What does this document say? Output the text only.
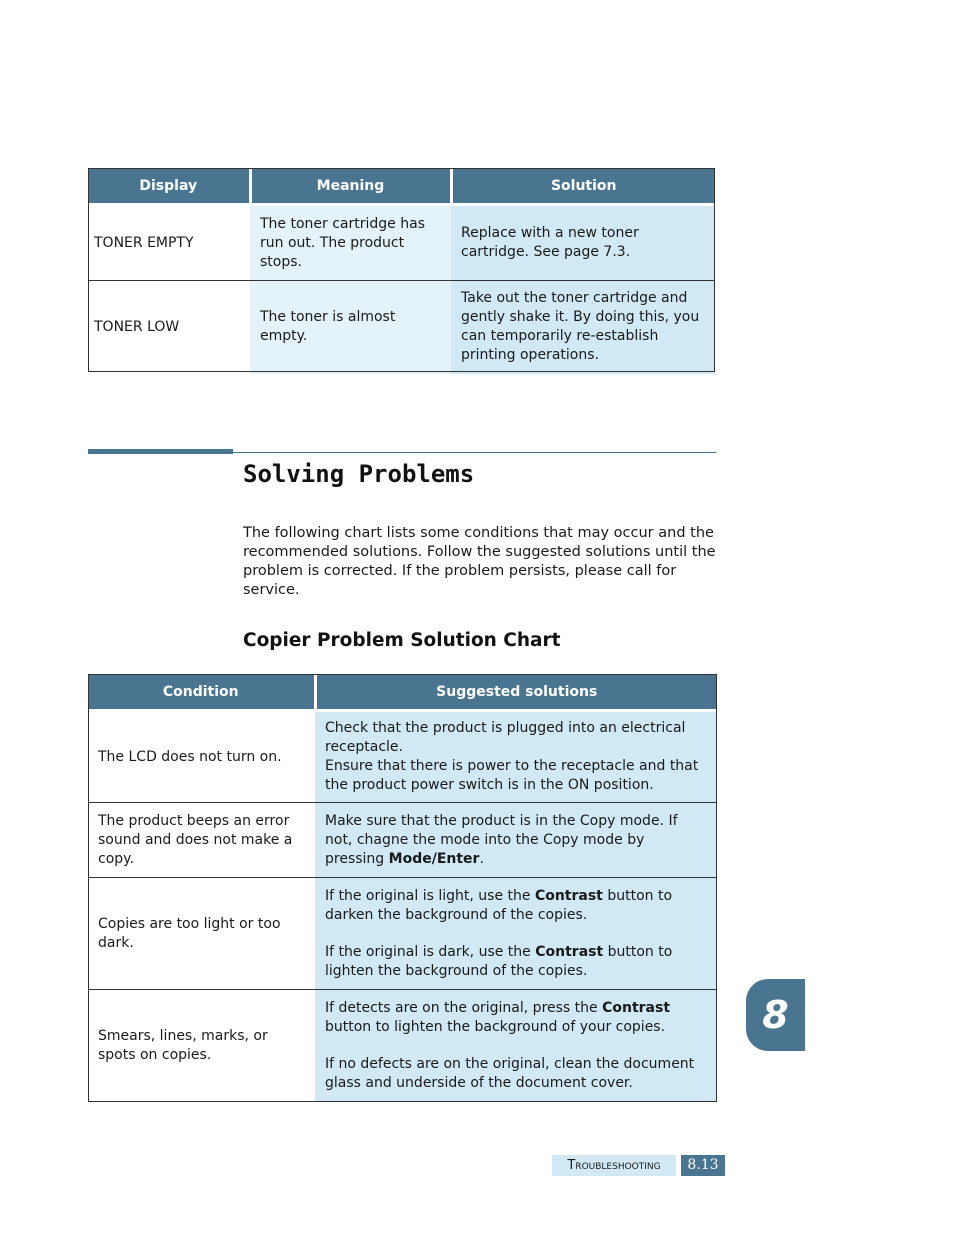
Display	Meaning	Solution
TONER EMPTY	The toner cartridge has run out. The product stops.	Replace with a new toner cartridge. See page 7.3.
TONER LOW	The toner is almost empty.	Take out the toner cartridge and gently shake it. By doing this, you can temporarily re-establish printing operations.
Solving Problems
The following chart lists some conditions that may occur and the recommended solutions. Follow the suggested solutions until the problem is corrected. If the problem persists, please call for service.
Copier Problem Solution Chart
Condition	Suggested solutions
The LCD does not turn on.	Check that the product is plugged into an electrical receptacle.
Ensure that there is power to the receptacle and that the product power switch is in the ON position.

The product beeps an error sound and does not make a copy.	Make sure that the product is in the Copy mode. If not, chagne the mode into the Copy mode by pressing Mode/Enter.
Copies are too light or too dark.	If the original is light, use the Contrast button to darken the background of the copies.
If the original is dark, use the Contrast button to lighten the background of the copies.

Smears, lines, marks, or spots on copies.	If detects are on the original, press the Contrast button to lighten the background of your copies.
If no defects are on the original, clean the document glass and underside of the document cover.
8
Troubleshooting	8.13
